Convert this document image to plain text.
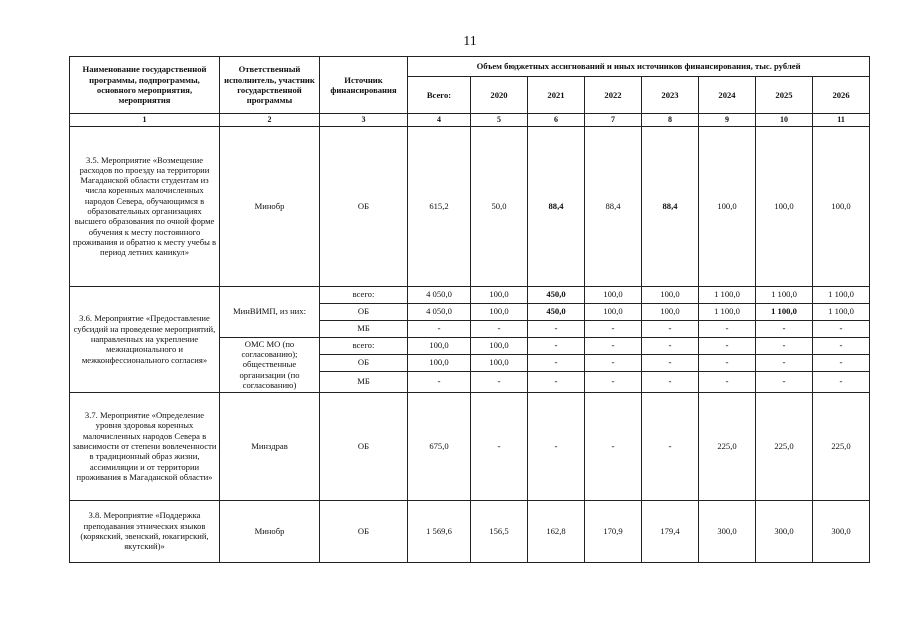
11
Наименование государственной программы, подпрограммы, основного мероприятия, мероприятия	Ответственный исполнитель, участник государственной программы	Источник финансирования	Объем бюджетных ассигнований и иных источников финансирования, тыс. рублей							
			Всего:	2020	2021	2022	2023	2024	2025	2026
1	2	3	4	5	6	7	8	9	10	11
3.5. Мероприятие «Возмещение расходов по проезду на территории Магаданской области студентам из числа коренных малочисленных народов Севера, обучающимся в образовательных организациях высшего образования по очной форме обучения к месту постоянного проживания и обратно к месту учебы в период летних каникул»	Минобр	ОБ	615,2	50,0	88,4	88,4	88,4	100,0	100,0	100,0
3.6. Мероприятие «Предоставление субсидий на проведение мероприятий, направленных на укрепление межнационального и межконфессионального согласия»	МинВИМП, из них:	всего:	4 050,0	100,0	450,0	100,0	100,0	1 100,0	1 100,0	1 100,0
		ОБ	4 050,0	100,0	450,0	100,0	100,0	1 100,0	1 100,0	1 100,0
		МБ	-	-	-	-	-	-	-	-
	ОМС МО (по согласованию); общественные организации (по согласованию)	всего:	100,0	100,0	-	-	-	-	-	-
		ОБ	100,0	100,0	-	-	-	-	-	-
		МБ	-	-	-	-	-	-	-	-
3.7. Мероприятие «Определение уровня здоровья коренных малочисленных народов Севера в зависимости от степени вовлеченности в традиционный образ жизни, ассимиляции и от территории проживания в Магаданской области»	Минздрав	ОБ	675,0	-	-	-	-	225,0	225,0	225,0
3.8. Мероприятие «Поддержка преподавания этнических языков (корякский, эвенский, юкагирский, якутский)»	Минобр	ОБ	1 569,6	156,5	162,8	170,9	179,4	300,0	300,0	300,0
